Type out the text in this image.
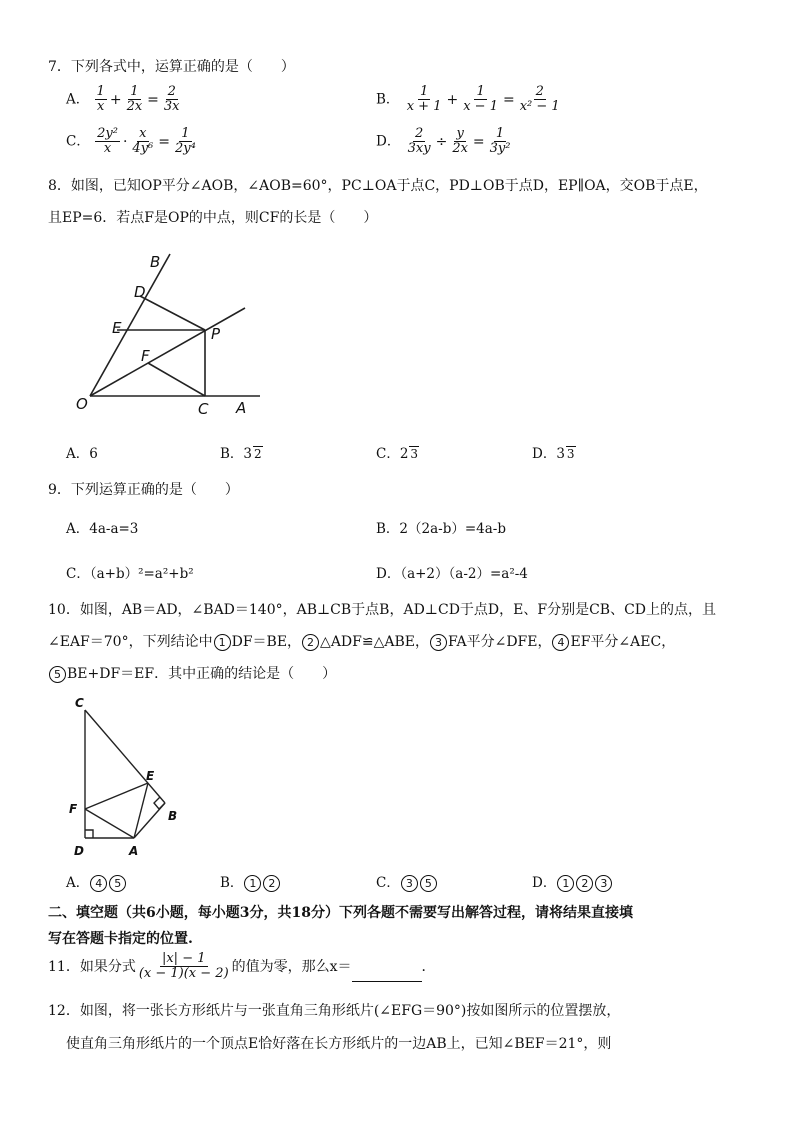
7．下列各式中，运算正确的是（　　）
A． $\frac{1}{x} + \frac{1}{2x} = \frac{2}{3x}$	B． $\frac{1}{x + 1} + \frac{1}{x - 1} = \frac{2}{\text{x² − 1}}$
C． $\frac{\text{2y²}}{x} \cdot \frac{x}{\text{4y⁶}} = \frac{1}{\text{2y⁴}}$	D． $\frac{2}{3xy} \div \frac{y}{2x} = \frac{1}{\text{3y²}}$
8．如图，已知OP平分∠AOB，∠AOB=60°，PC⊥OA于点C，PD⊥OB于点D，EP∥OA，交OB于点E，
且EP=6．若点F是OP的中点，则CF的长是（　　）
B
D
E	P
F
O	C A
A．6	B．3 2	C．2 3	D．3 3
9．下列运算正确的是（　　）
A．4a-a=3	B．2（2a-b）=4a-b
C．（a+b）²=a²+b²	D．（a+2）（a-2）=a²-4
10．如图，AB＝AD，∠BAD＝140°，AB⊥CB于点B，AD⊥CD于点D，E、F分别是CB、CD上的点，且
∠EAF＝70°，下列结论中 1 DF＝BE， 2 △ADF≌△ABE， 3 FA平分∠DFE， 4 EF平分∠AEC，
5 BE+DF＝EF．其中正确的结论是（　　）
C
E
F	B
D	A
A． 4 5	B． 1 2	C． 3 5	D． 1 2 3
二、填空题（共6小题，每小题3分，共18分）下列各题不需要写出解答过程，请将结果直接填
写在答题卡指定的位置.
11．如果分式 $\frac{|x| - 1}{(x - 1)(x - 2)}$ 的值为零，那么x＝	．
12．如图，将一张长方形纸片与一张直角三角形纸片(∠EFG＝90°)按如图所示的位置摆放，
使直角三角形纸片的一个顶点E恰好落在长方形纸片的一边AB上，已知∠BEF＝21°，则
